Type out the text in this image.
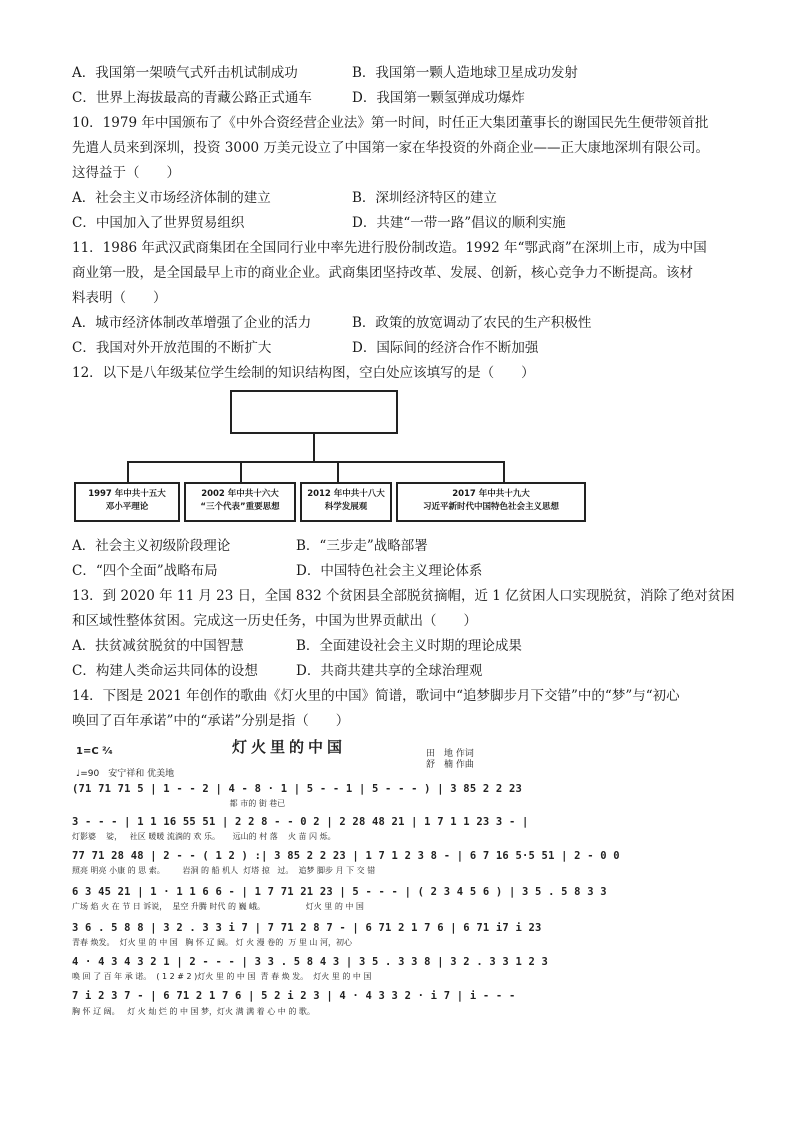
A．我国第一架喷气式歼击机试制成功	B．我国第一颗人造地球卫星成功发射
C．世界上海拔最高的青藏公路正式通车	D．我国第一颗氢弹成功爆炸
10．1979 年中国颁布了《中外合资经营企业法》第一时间，时任正大集团董事长的谢国民先生便带领首批
先遣人员来到深圳，投资 3000 万美元设立了中国第一家在华投资的外商企业——正大康地深圳有限公司。
这得益于（　　）
A．社会主义市场经济体制的建立	B．深圳经济特区的建立
C．中国加入了世界贸易组织	D．共建“一带一路”倡议的顺利实施
11．1986 年武汉武商集团在全国同行业中率先进行股份制改造。1992 年“鄂武商”在深圳上市，成为中国
商业第一股，是全国最早上市的商业企业。武商集团坚持改革、发展、创新，核心竞争力不断提高。该材
料表明（　　）
A．城市经济体制改革增强了企业的活力	B．政策的放宽调动了农民的生产积极性
C．我国对外开放范围的不断扩大	D．国际间的经济合作不断加强
12．以下是八年级某位学生绘制的知识结构图，空白处应该填写的是（　　）
1997 年中共十五大
邓小平理论
2002 年中共十六大
“三个代表”重要思想
2012 年中共十八大
科学发展观
2017 年中共十九大
习近平新时代中国特色社会主义思想
A．社会主义初级阶段理论	B．“三步走”战略部署
C．“四个全面”战略布局	D．中国特色社会主义理论体系
13．到 2020 年 11 月 23 日，全国 832 个贫困县全部脱贫摘帽，近 1 亿贫困人口实现脱贫，消除了绝对贫困
和区域性整体贫困。完成这一历史任务，中国为世界贡献出（　　）
A．扶贫减贫脱贫的中国智慧	B．全面建设社会主义时期的理论成果
C．构建人类命运共同体的设想	D．共商共建共享的全球治理观
14．下图是 2021 年创作的歌曲《灯火里的中国》简谱，歌词中“追梦脚步月下交错”中的“梦”与“初心
唤回了百年承诺”中的“承诺”分别是指（　　）
灯火里的中国
1=C ²⁄₄
♩=90　安宁祥和 优美地
田　地 作词
舒　楠 作曲
(71 71 71 5 | 1 - - 2 | 4 - 8 · 1 | 5 - - 1 | 5 - - - ) | 3 85 2 2 23
都 市的 街 巷已
3 - - - | 1 1 16 55 51 | 2 2 8 - - 0 2 | 2 28 48 21 | 1 7 1 1 23 3 - |
灯影婆    娑，   社区 暖暖 流淌的 欢 乐。     远山的 村 落    火 苗 闪 烁。
77 71 28 48 | 2 - - ( 1 2 ) :| 3 85 2 2 23 | 1 7 1 2 3 8 - | 6 7 16 5·5 51 | 2 - 0 0
照亮 明亮 小康 的 思 索。       岩洞 的 船 机人  灯塔 掠   过。  追梦 脚步 月 下 交 错
6 3 45 21 | 1 · 1 1 6 6 - | 1 7 71 21 23 | 5 - - - | ( 2 3 4 5 6 ) | 3 5 . 5 8 3 3
广场 焰 火 在 节 日 诉说，  星空 升腾 时代 的 巍 峨。                灯火 里 的 中 国
3 6 . 5 8 8 | 3 2 . 3 3 i 7 | 7 71 2 8 7 - | 6 71 2 1 7 6 | 6 71 i7 i 23
青春 焕发。  灯火 里 的 中 国   胸 怀 辽 阔。 灯 火 漫 卷的  万 里 山 河，初心
4 · 4 3 4 3 2 1 | 2 - - - | 3 3 . 5 8 4 3 | 3 5 . 3 3 8 | 3 2 . 3 3 1 2 3
唤 回 了 百 年 承 诺。  ( 1 2 # 2 )灯火 里 的 中 国  青 春 焕 发。  灯火 里 的 中 国
7 i 2 3 7 - | 6 71 2 1 7 6 | 5 2 i 2 3 | 4 · 4 3 3 2 · i 7 | i - - -
胸 怀 辽 阔。   灯 火 灿 烂 的 中 国 梦，灯火 满 满 着 心 中 的 歌。
